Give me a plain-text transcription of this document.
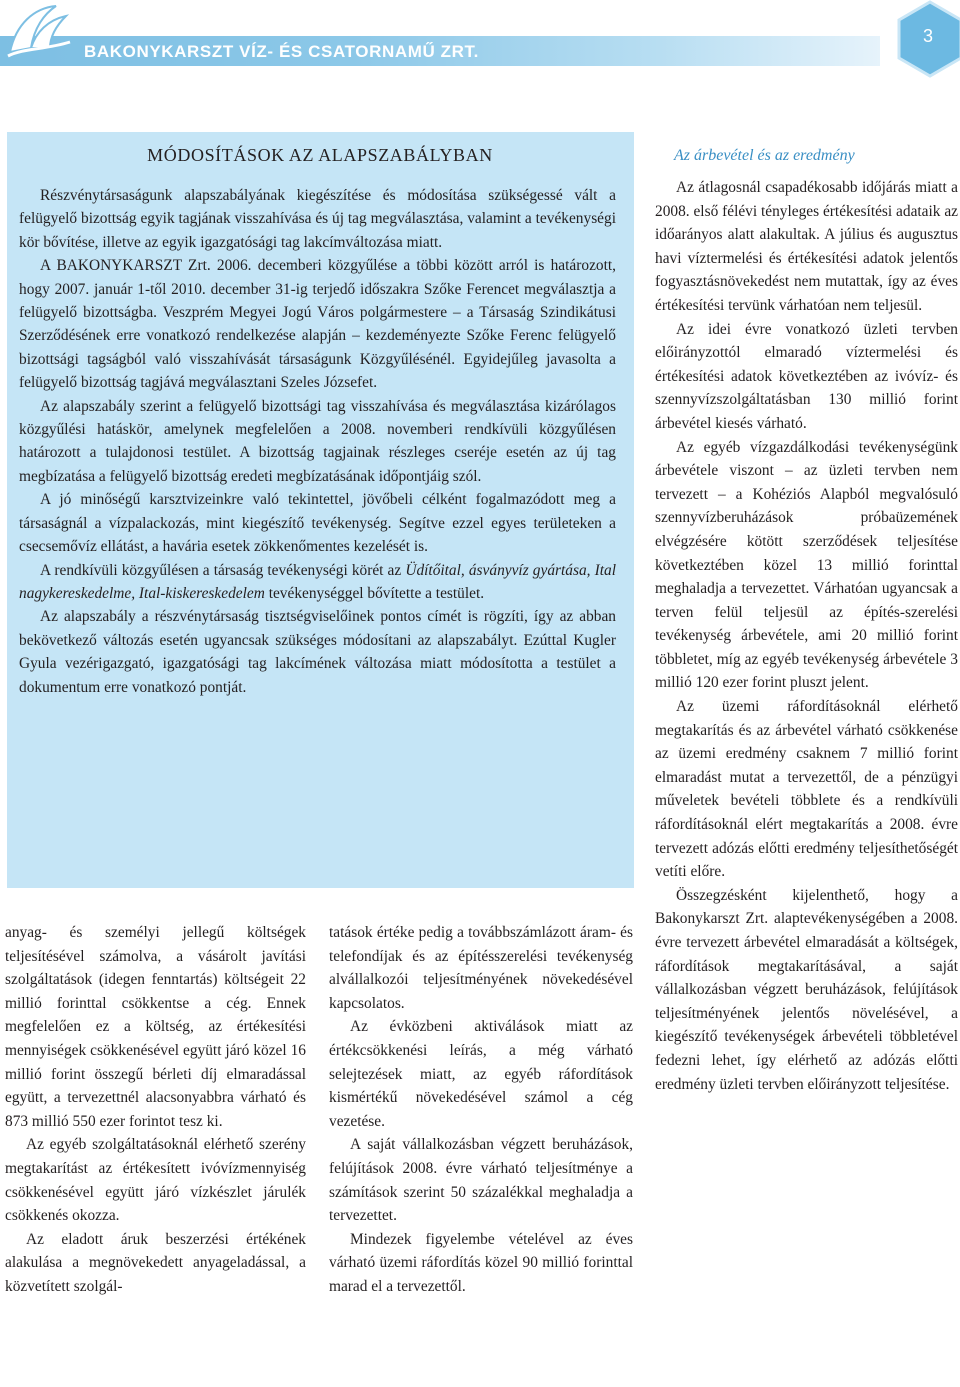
BAKONYKARSZT VÍZ- ÉS CSATORNAMŰ ZRT.
3
MÓDOSÍTÁSOK AZ ALAPSZABÁLYBAN

Részvénytársaságunk alapszabályának kiegészítése és módosítása szükségessé vált a felügyelő bizottság egyik tagjának visszahívása és új tag megválasztása, valamint a tevékenységi kör bővítése, illetve az egyik igazgatósági tag lakcímváltozása miatt.

A BAKONYKARSZT Zrt. 2006. decemberi közgyűlése a többi között arról is határozott, hogy 2007. január 1-től 2010. december 31-ig terjedő időszakra Szőke Ferencet megválasztja a felügyelő bizottságba. Veszprém Megyei Jogú Város polgármestere – a Társaság Szindikátusi Szerződésének erre vonatkozó rendelkezése alapján – kezdeményezte Szőke Ferenc felügyelő bizottsági tagságból való visszahívását társaságunk Közgyűlésénél. Egyidejűleg javasolta a felügyelő bizottság tagjává megválasztani Szeles Józsefet.

Az alapszabály szerint a felügyelő bizottsági tag visszahívása és megválasztása kizárólagos közgyűlési hatáskör, amelynek megfelelően a 2008. novemberi rendkívüli közgyűlésen határozott a tulajdonosi testület. A bizottság tagjainak részleges cseréje esetén az új tag megbízatása a felügyelő bizottság eredeti megbízatásának időpontjáig szól.

A jó minőségű karsztvizeinkre való tekintettel, jövőbeli célként fogalmazódott meg a társaságnál a vízpalackozás, mint kiegészítő tevékenység. Segítve ezzel egyes területeken a csecsemővíz ellátást, a havária esetek zökkenőmentes kezelését is.

A rendkívüli közgyűlésen a társaság tevékenységi körét az Üdítőital, ásványvíz gyártása, Ital nagykereskedelme, Ital-kiskereskedelem tevékenységgel bővítette a testület.

Az alapszabály a részvénytársaság tisztségviselőinek pontos címét is rögzíti, így az abban bekövetkező változás esetén ugyancsak szükséges módosítani az alapszabályt. Ezúttal Kugler Gyula vezérigazgató, igazgatósági tag lakcímének változása miatt módosította a testület a dokumentum erre vonatkozó pontját.

anyag- és személyi jellegű költségek teljesítésével számolva, a vásárolt javítási szolgáltatások (idegen fenntartás) költségeit 22 millió forinttal csökkentse a cég. Ennek megfelelően ez a költség, az értékesítési mennyiségek csökkenésével együtt járó közel 16 millió forint összegű bérleti díj elmaradással együtt, a tervezettnél alacsonyabbra várható és 873 millió 550 ezer forintot tesz ki.

Az egyéb szolgáltatásoknál elérhető szerény megtakarítást az értékesített ivóvízmennyiség csökkenésével együtt járó vízkészlet járulék csökkenés okozza.

Az eladott áruk beszerzési értékének alakulása a megnövekedett anyageladással, a közvetített szolgál-

tatások értéke pedig a továbbszámlázott áram- és telefondíjak és az építésszerelési tevékenység alvállalkozói teljesítményének növekedésével kapcsolatos.

Az évközbeni aktiválások miatt az értékcsökkenési leírás, a még várható selejtezések miatt, az egyéb ráfordítások kismértékű növekedésével számol a cég vezetése.

A saját vállalkozásban végzett beruházások, felújítások 2008. évre várható teljesítménye a számítások szerint 50 százalékkal meghaladja a tervezettet.

Mindezek figyelembe vételével az éves várható üzemi ráfordítás közel 90 millió forinttal marad el a tervezettől.

Az árbevétel és az eredmény

Az átlagosnál csapadékosabb időjárás miatt a 2008. első félévi tényleges értékesítési adataik az időarányos alatt alakultak. A július és augusztus havi víztermelési és értékesítési adatok jelentős fogyasztásnövekedést nem mutattak, így az éves értékesítési tervünk várhatóan nem teljesül.

Az idei évre vonatkozó üzleti tervben előirányzottól elmaradó víztermelési és értékesítési adatok következtében az ivóvíz- és szennyvízszolgáltatásban 130 millió forint árbevétel kiesés várható.

Az egyéb vízgazdálkodási tevékenységünk árbevétele viszont – az üzleti tervben nem tervezett – a Kohéziós Alapból megvalósuló szennyvízberuházások próbaüzemének elvégzésére kötött szerződések teljesítése következtében közel 13 millió forinttal meghaladja a tervezettet. Várhatóan ugyancsak a terven felül teljesül az építés-szerelési tevékenység árbevétele, ami 20 millió forint többletet, míg az egyéb tevékenység árbevétele 3 millió 120 ezer forint pluszt jelent.

Az üzemi ráfordításoknál elérhető megtakarítás és az árbevétel várható csökkenése az üzemi eredmény csaknem 7 millió forint elmaradást mutat a tervezettől, de a pénzügyi műveletek bevételi többlete és a rendkívüli ráfordításoknál elért megtakarítás a 2008. évre tervezett adózás előtti eredmény teljesíthetőségét vetíti előre.

Összegzésként kijelenthető, hogy a Bakonykarszt Zrt. alaptevékenységében a 2008. évre tervezett árbevétel elmaradását a költségek, ráfordítások megtakarításával, a saját vállalkozásban végzett beruházások, felújítások teljesítményének jelentős növelésével, a kiegészítő tevékenységek árbevételi többletével fedezni lehet, így elérhető az adózás előtti eredmény üzleti tervben előirányzott teljesítése.
